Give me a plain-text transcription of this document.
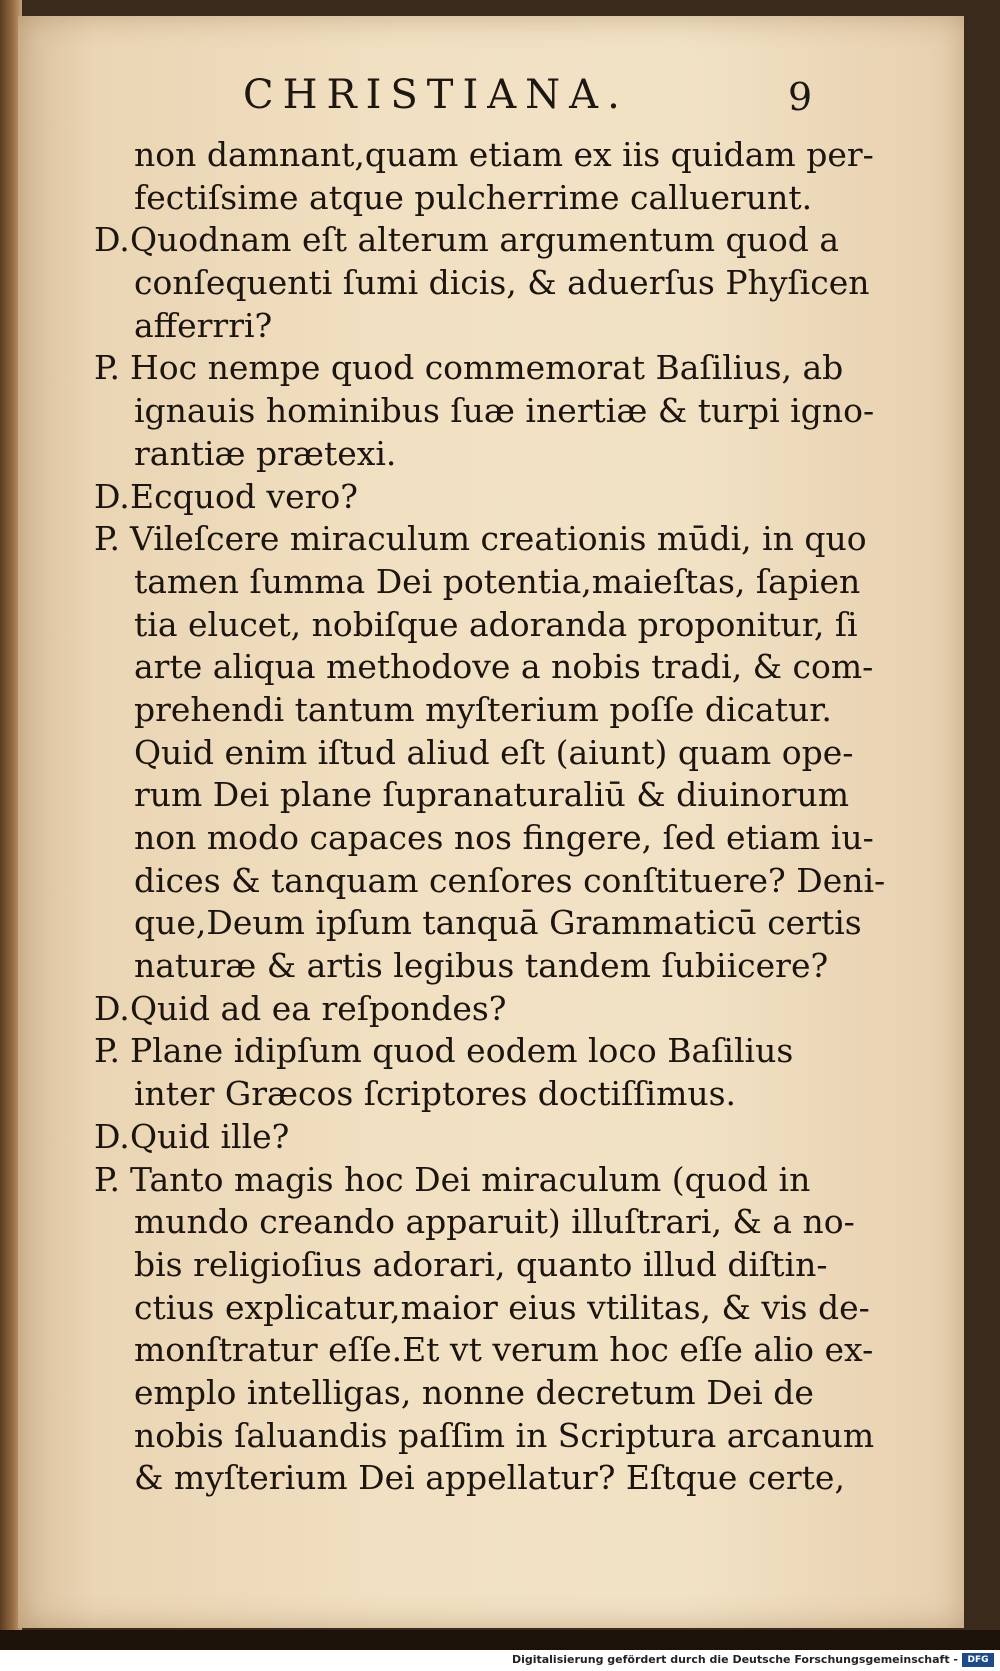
CHRISTIANA.	9
non damnant,quam etiam ex iis quidam per-
fectiſsime atque pulcherrime calluerunt.
D. Quodnam eſt alterum argumentum quod a
conſequenti ſumi dicis, & aduerſus Phyſicen
afferrri?
P. Hoc nempe quod commemorat Baſilius, ab
ignauis hominibus ſuæ inertiæ & turpi igno-
rantiæ prætexi.
D. Ecquod vero?
P. Vileſcere miraculum creationis mūdi, in quo
tamen ſumma Dei potentia,maieſtas, ſapien
tia elucet, nobiſque adoranda proponitur, ſi
arte aliqua methodove a nobis tradi, & com-
prehendi tantum myſterium poſſe dicatur.
Quid enim iſtud aliud eſt (aiunt) quam ope-
rum Dei plane ſupranaturaliū & diuinorum
non modo capaces nos fingere, ſed etiam iu-
dices & tanquam cenſores conſtituere? Deni-
que,Deum ipſum tanquā Grammaticū certis
naturæ & artis legibus tandem ſubiicere?
D. Quid ad ea reſpondes?
P. Plane idipſum quod eodem loco Baſilius
inter Græcos ſcriptores doctiſſimus.
D. Quid ille?
P. Tanto magis hoc Dei miraculum (quod in
mundo creando apparuit) illuſtrari, & a no-
bis religioſius adorari, quanto illud diſtin-
ctius explicatur,maior eius vtilitas, & vis de-
monſtratur eſſe.Et vt verum hoc eſſe alio ex-
emplo intelligas, nonne decretum Dei de
nobis ſaluandis paſſim in Scriptura arcanum
& myſterium Dei appellatur? Eſtque certe,
Digitalisierung gefördert durch die Deutsche Forschungsgemeinschaft -	DFG
